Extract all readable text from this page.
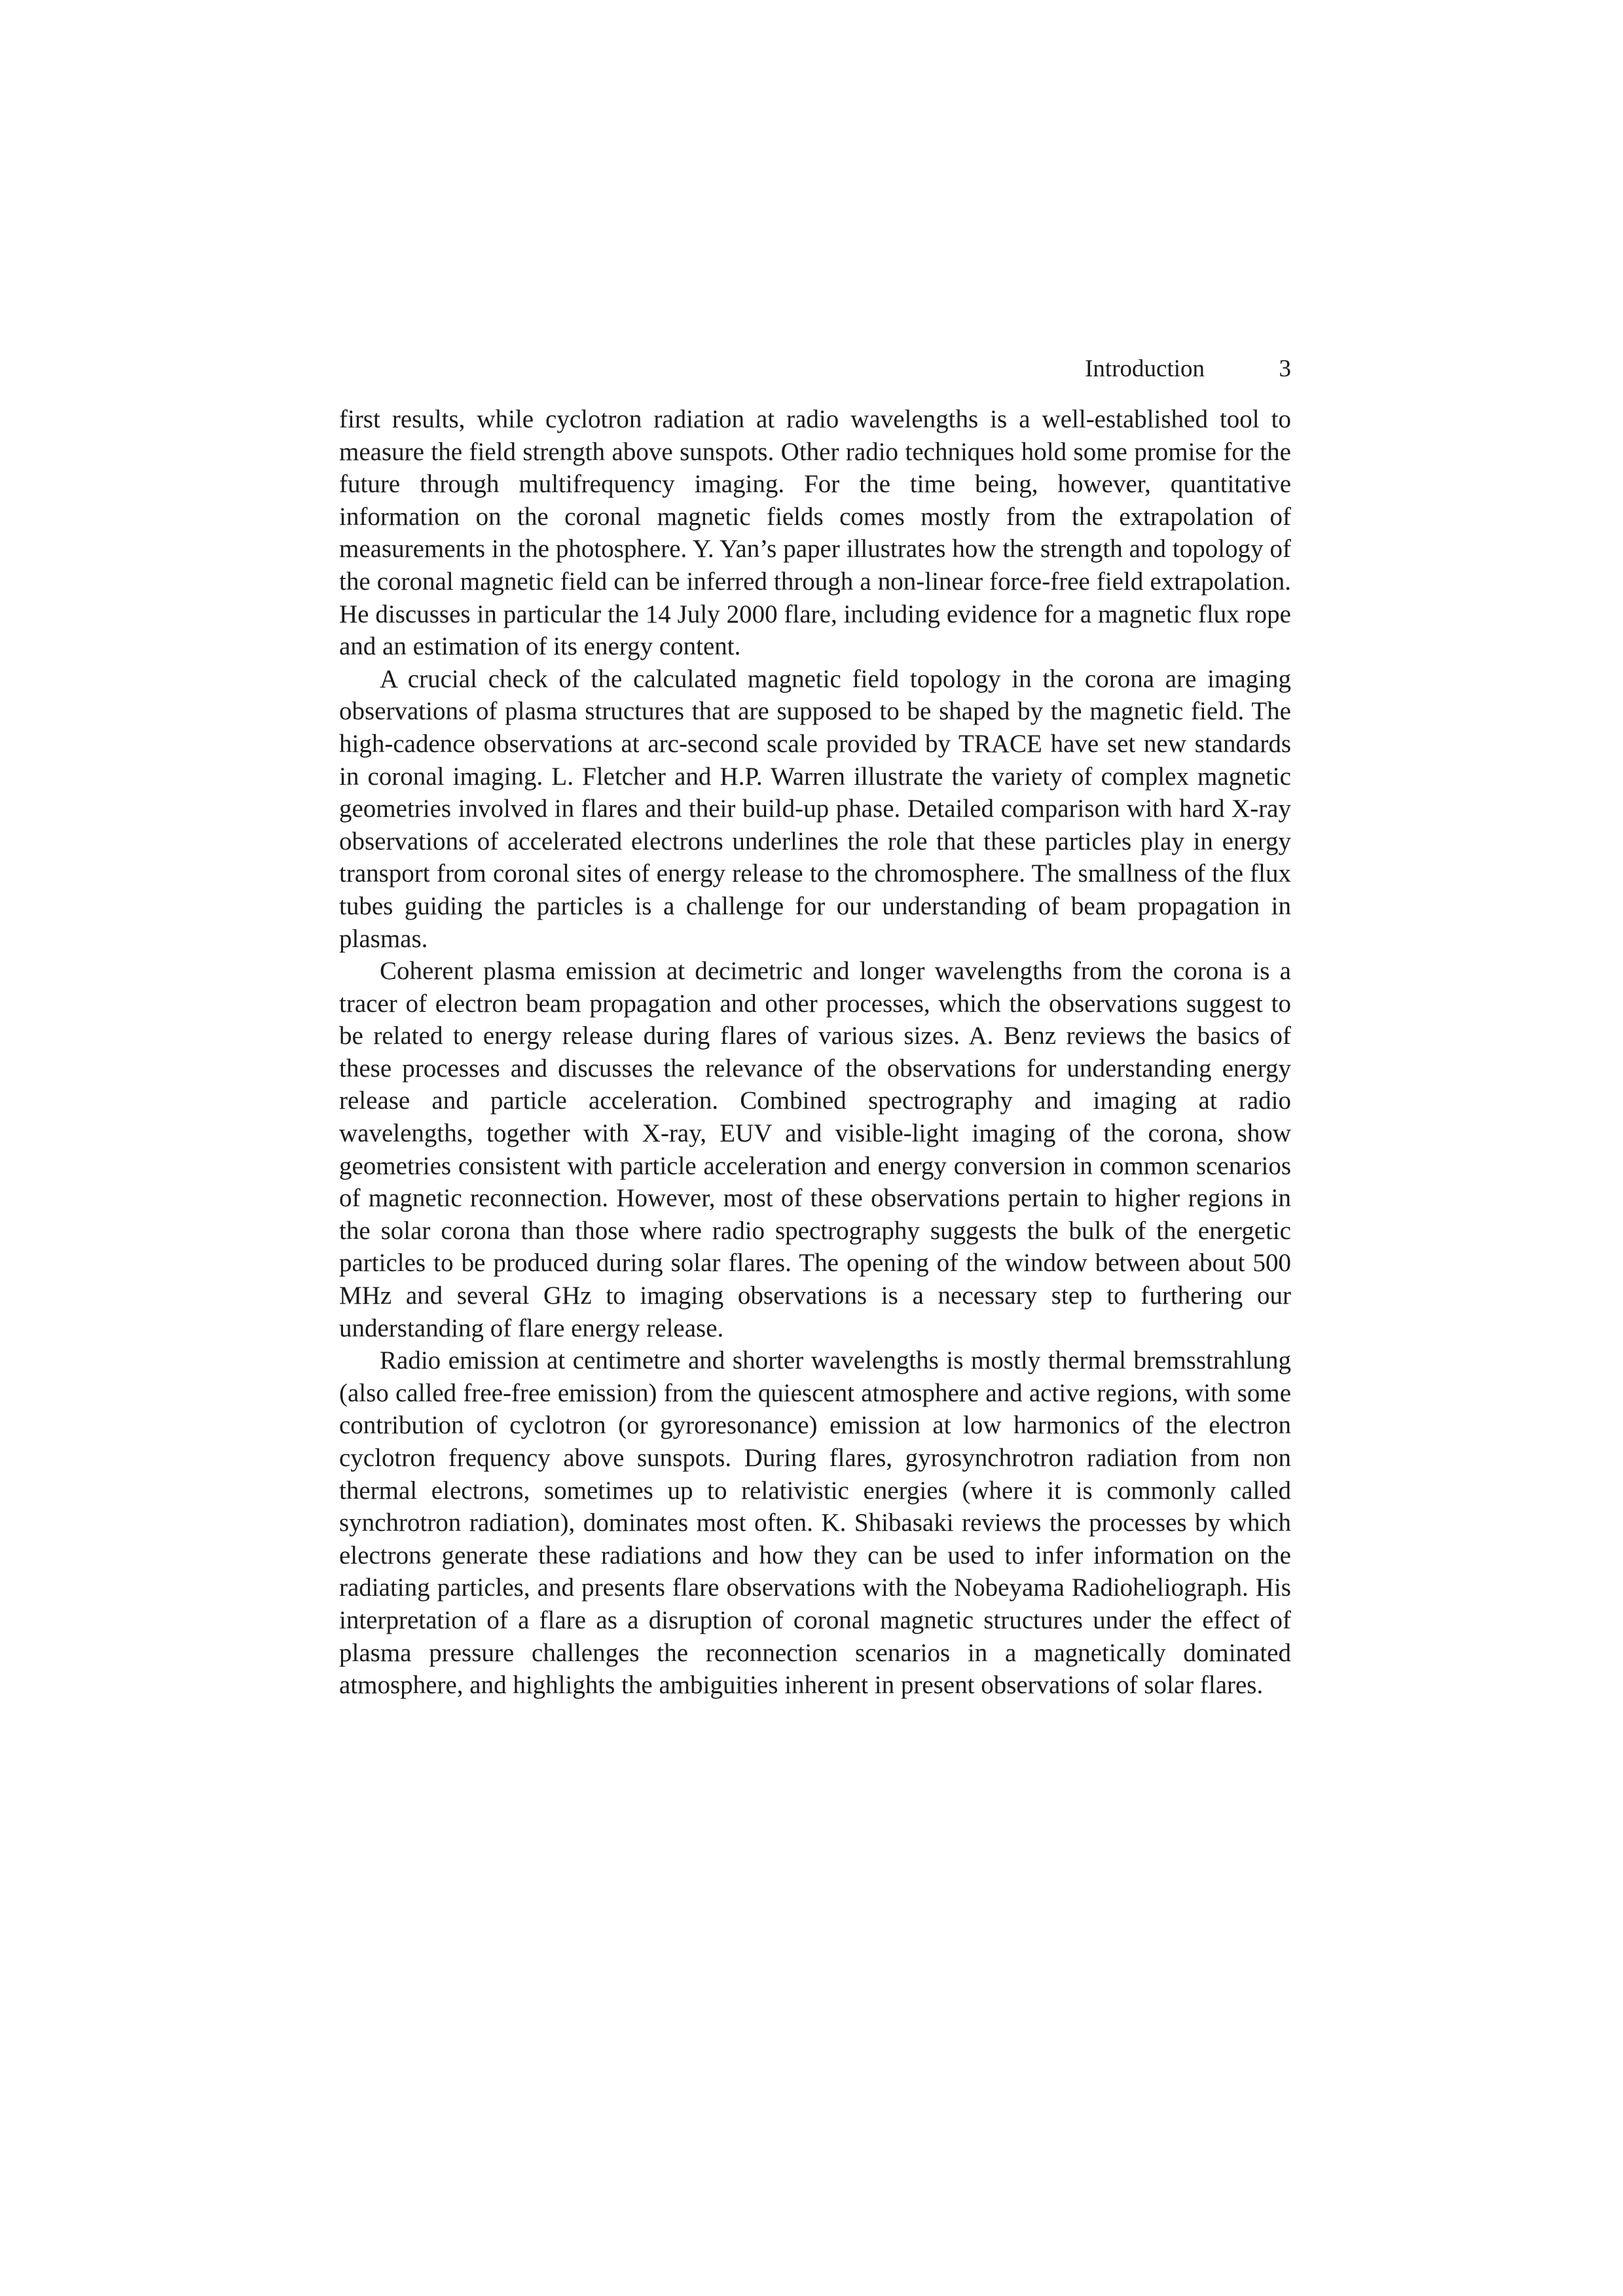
Introduction	3

first results, while cyclotron radiation at radio wavelengths is a well-established tool to measure the field strength above sunspots. Other radio techniques hold some promise for the future through multifrequency imaging. For the time being, however, quantitative information on the coronal magnetic fields comes mostly from the extrapolation of measurements in the photosphere. Y. Yan’s paper illustrates how the strength and topology of the coronal magnetic field can be inferred through a non-linear force-free field extrapolation. He discusses in particular the 14 July 2000 flare, including evidence for a magnetic flux rope and an estimation of its energy content.

A crucial check of the calculated magnetic field topology in the corona are imaging observations of plasma structures that are supposed to be shaped by the magnetic field. The high-cadence observations at arc-second scale provided by TRACE have set new standards in coronal imaging. L. Fletcher and H.P. Warren illustrate the variety of complex magnetic geometries involved in flares and their build-up phase. Detailed comparison with hard X-ray observations of accelerated electrons underlines the role that these particles play in energy transport from coronal sites of energy release to the chromosphere. The smallness of the flux tubes guiding the particles is a challenge for our understanding of beam propagation in plasmas.

Coherent plasma emission at decimetric and longer wavelengths from the corona is a tracer of electron beam propagation and other processes, which the observations suggest to be related to energy release during flares of various sizes. A. Benz reviews the basics of these processes and discusses the relevance of the observations for understanding energy release and particle acceleration. Combined spectrography and imaging at radio wavelengths, together with X-ray, EUV and visible-light imaging of the corona, show geometries consistent with particle acceleration and energy conversion in common scenarios of magnetic reconnection. However, most of these observations pertain to higher regions in the solar corona than those where radio spectrography suggests the bulk of the energetic particles to be produced during solar flares. The opening of the window between about 500 MHz and several GHz to imaging observations is a necessary step to furthering our understanding of flare energy release.

Radio emission at centimetre and shorter wavelengths is mostly thermal bremsstrahlung (also called free-free emission) from the quiescent atmosphere and active regions, with some contribution of cyclotron (or gyroresonance) emission at low harmonics of the electron cyclotron frequency above sunspots. During flares, gyrosynchrotron radiation from non thermal electrons, sometimes up to relativistic energies (where it is commonly called synchrotron radiation), dominates most often. K. Shibasaki reviews the processes by which electrons generate these radiations and how they can be used to infer information on the radiating particles, and presents flare observations with the Nobeyama Radioheliograph. His interpretation of a flare as a disruption of coronal magnetic structures under the effect of plasma pressure challenges the reconnection scenarios in a magnetically dominated atmosphere, and highlights the ambiguities inherent in present observations of solar flares.
